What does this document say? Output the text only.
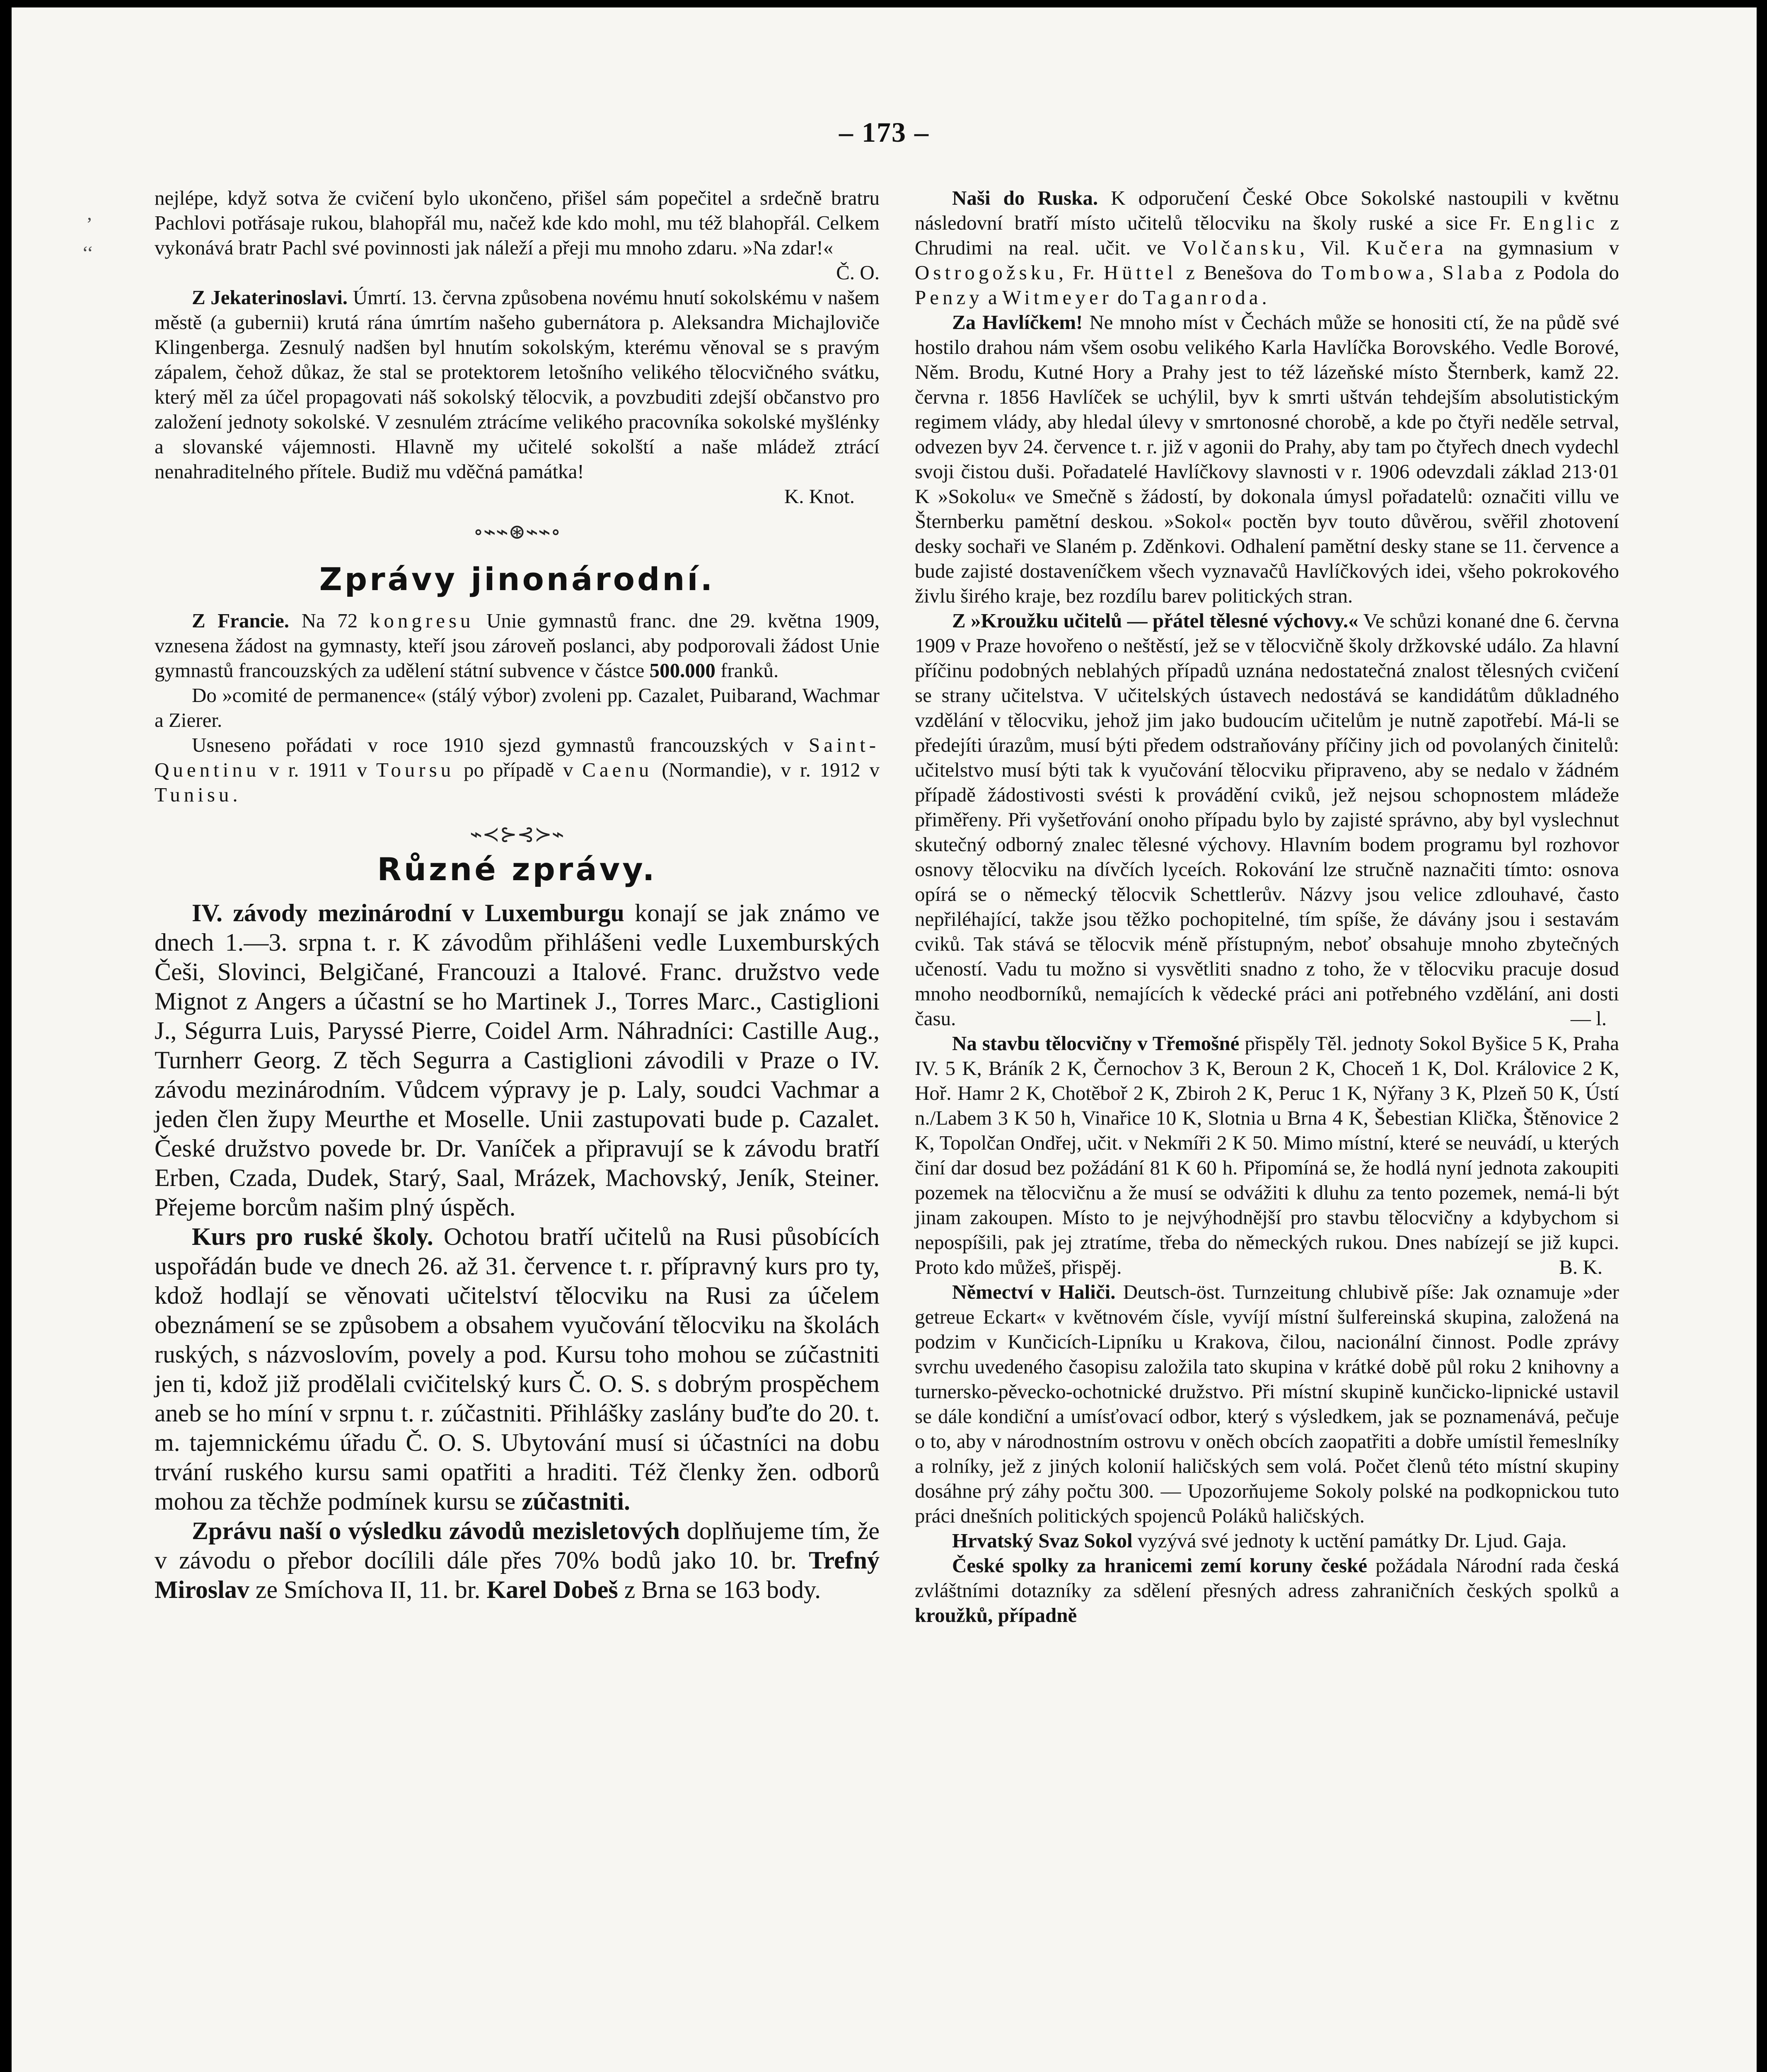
– 173 –
‚
‘‘

nejlépe, když sotva že cvičení bylo ukončeno, přišel sám popečitel a srdečně bratru Pachlovi potřásaje rukou, blahopřál mu, načež kde kdo mohl, mu též blahopřál. Celkem vykonává bratr Pachl své povinnosti jak náleží a přeji mu mnoho zdaru. »Na zdar!«

Č. O.

Z Jekaterinoslavi. Úmrtí. 13. června způsobena novému hnutí sokolskému v našem městě (a gubernii) krutá rána úmrtím našeho gubernátora p. Aleksandra Michajloviče Klingenberga. Zesnulý nadšen byl hnutím sokolským, kterému věnoval se s pravým zápalem, čehož důkaz, že stal se protektorem letošního velikého tělocvičného svátku, který měl za účel propagovati náš sokolský tělocvik, a povzbuditi zdejší občanstvo pro založení jednoty sokolské. V zesnulém ztrácíme velikého pracovníka sokolské myšlénky a slovanské vájemnosti. Hlavně my učitelé sokolští a naše mládež ztrácí nenahraditelného přítele. Budiž mu vděčná památka!

K. Knot.

∘⌁⌁⊛⌁⌁∘
Zprávy jinonárodní.

Z Francie. Na 72 kongresu Unie gymnastů franc. dne 29. května 1909, vznesena žádost na gymnasty, kteří jsou zároveň poslanci, aby podporovali žádost Unie gymnastů francouzských za udělení státní subvence v částce 500.000 franků.

Do »comité de permanence« (stálý výbor) zvoleni pp. Cazalet, Puibarand, Wachmar a Zierer.

Usneseno pořádati v roce 1910 sjezd gymnastů francouzských v Saint-Quentinu v r. 1911 v Toursu po případě v Caenu (Normandie), v r. 1912 v Tunisu.

⌁≺⊱⊰≻⌁
Různé zprávy.

IV. závody mezinárodní v Luxemburgu konají se jak známo ve dnech 1.—3. srpna t. r. K závodům přihlášeni vedle Luxemburských Češi, Slovinci, Belgičané, Francouzi a Italové. Franc. družstvo vede Mignot z Angers a účastní se ho Martinek J., Torres Marc., Castiglioni J., Ségurra Luis, Paryssé Pierre, Coidel Arm. Náhradníci: Castille Aug., Turnherr Georg. Z těch Segurra a Castiglioni závodili v Praze o IV. závodu mezinárodním. Vůdcem výpravy je p. Laly, soudci Vachmar a jeden člen župy Meurthe et Moselle. Unii zastupovati bude p. Cazalet. České družstvo povede br. Dr. Vaníček a připravují se k závodu bratří Erben, Czada, Dudek, Starý, Saal, Mrázek, Machovský, Jeník, Steiner. Přejeme borcům našim plný úspěch.

Kurs pro ruské školy. Ochotou bratří učitelů na Rusi působících uspořádán bude ve dnech 26. až 31. července t. r. přípravný kurs pro ty, kdož hodlají se věnovati učitelství tělocviku na Rusi za účelem obeznámení se se způsobem a obsahem vyučování tělocviku na školách ruských, s názvoslovím, povely a pod. Kursu toho mohou se zúčastniti jen ti, kdož již prodělali cvičitelský kurs Č. O. S. s dobrým prospěchem aneb se ho míní v srpnu t. r. zúčastniti. Přihlášky zaslány buďte do 20. t. m. tajemnickému úřadu Č. O. S. Ubytování musí si účastníci na dobu trvání ruského kursu sami opatřiti a hraditi. Též členky žen. odborů mohou za těchže podmínek kursu se zúčastniti.

Zprávu naší o výsledku závodů mezisletových doplňujeme tím, že v závodu o přebor docílili dále přes 70% bodů jako 10. br. Trefný Miroslav ze Smíchova II, 11. br. Karel Dobeš z Brna se 163 body.

Naši do Ruska. K odporučení České Obce Sokolské nastoupili v květnu následovní bratří místo učitelů tělocviku na školy ruské a sice Fr. Englic z Chrudimi na real. učit. ve Volčansku, Vil. Kučera na gymnasium v Ostrogožsku, Fr. Hüttel z Benešova do Tombowa, Slaba z Podola do Penzy a Witmeyer do Taganroda.

Za Havlíčkem! Ne mnoho míst v Čechách může se honositi ctí, že na půdě své hostilo drahou nám všem osobu velikého Karla Havlíčka Borovského. Vedle Borové, Něm. Brodu, Kutné Hory a Prahy jest to též lázeňské místo Šternberk, kamž 22. června r. 1856 Havlíček se uchýlil, byv k smrti uštván tehdejším absolutistickým regimem vlády, aby hledal úlevy v smrtonosné chorobě, a kde po čtyři neděle setrval, odvezen byv 24. července t. r. již v agonii do Prahy, aby tam po čtyřech dnech vydechl svoji čistou duši. Pořadatelé Havlíčkovy slavnosti v r. 1906 odevzdali základ 213·01 K »Sokolu« ve Smečně s žádostí, by dokonala úmysl pořadatelů: označiti villu ve Šternberku pamětní deskou. »Sokol« poctěn byv touto důvěrou, svěřil zhotovení desky sochaři ve Slaném p. Zděnkovi. Odhalení pamětní desky stane se 11. července a bude zajisté dostaveníčkem všech vyznavačů Havlíčkových idei, všeho pokrokového živlu širého kraje, bez rozdílu barev politických stran.

Z »Kroužku učitelů — přátel tělesné výchovy.« Ve schůzi konané dne 6. června 1909 v Praze hovořeno o neštěstí, jež se v tělocvičně školy držkovské událo. Za hlavní příčinu podobných neblahých případů uznána nedostatečná znalost tělesných cvičení se strany učitelstva. V učitelských ústavech nedostává se kandidátům důkladného vzdělání v tělocviku, jehož jim jako budoucím učitelům je nutně zapotřebí. Má-li se předejíti úrazům, musí býti předem odstraňovány příčiny jich od povolaných činitelů: učitelstvo musí býti tak k vyučování tělocviku připraveno, aby se nedalo v žádném případě žádostivosti svésti k provádění cviků, jež nejsou schopnostem mládeže přiměřeny. Při vyšetřování onoho případu bylo by zajisté správno, aby byl vyslechnut skutečný odborný znalec tělesné výchovy. Hlavním bodem programu byl rozhovor osnovy tělocviku na dívčích lyceích. Rokování lze stručně naznačiti tímto: osnova opírá se o německý tělocvik Schettlerův. Názvy jsou velice zdlouhavé, často nepřiléhající, takže jsou těžko pochopitelné, tím spíše, že dávány jsou i sestavám cviků. Tak stává se tělocvik méně přístupným, neboť obsahuje mnoho zbytečných učeností. Vadu tu možno si vysvětliti snadno z toho, že v tělocviku pracuje dosud mnoho neodborníků, nemajících k vědecké práci ani potřebného vzdělání, ani dosti času.	— l.

Na stavbu tělocvičny v Třemošné přispěly Těl. jednoty Sokol Byšice 5 K, Praha IV. 5 K, Bráník 2 K, Černochov 3 K, Beroun 2 K, Choceň 1 K, Dol. Královice 2 K, Hoř. Hamr 2 K, Chotěboř 2 K, Zbiroh 2 K, Peruc 1 K, Nýřany 3 K, Plzeň 50 K, Ústí n./Labem 3 K 50 h, Vinařice 10 K, Slotnia u Brna 4 K, Šebestian Klička, Štěnovice 2 K, Topolčan Ondřej, učit. v Nekmíři 2 K 50. Mimo místní, které se neuvádí, u kterých činí dar dosud bez požádání 81 K 60 h. Připomíná se, že hodlá nyní jednota zakoupiti pozemek na tělocvičnu a že musí se odvážiti k dluhu za tento pozemek, nemá-li být jinam zakoupen. Místo to je nejvýhodnější pro stavbu tělocvičny a kdybychom si nepospíšili, pak jej ztratíme, třeba do německých rukou. Dnes nabízejí se již kupci. Proto kdo můžeš, přispěj.	B. K.

Němectví v Haliči. Deutsch-öst. Turnzeitung chlubivě píše: Jak oznamuje »der getreue Eckart« v květnovém čísle, vyvíjí místní šulfereinská skupina, založená na podzim v Kunčicích-Lipníku u Krakova, čilou, nacionální činnost. Podle zprávy svrchu uvedeného časopisu založila tato skupina v krátké době půl roku 2 knihovny a turnersko-pěvecko-ochotnické družstvo. Při místní skupině kunčicko-lipnické ustavil se dále kondiční a umísťovací odbor, který s výsledkem, jak se poznamenává, pečuje o to, aby v národnostním ostrovu v oněch obcích zaopatřiti a dobře umístil řemeslníky a rolníky, jež z jiných kolonií haličských sem volá. Počet členů této místní skupiny dosáhne prý záhy počtu 300. — Upozorňujeme Sokoly polské na podkopnickou tuto práci dnešních politických spojenců Poláků haličských.

Hrvatský Svaz Sokol vyzývá své jednoty k uctění památky Dr. Ljud. Gaja.

České spolky za hranicemi zemí koruny české požádala Národní rada česká zvláštními dotazníky za sdělení přesných adress zahraničních českých spolků a kroužků, případně
